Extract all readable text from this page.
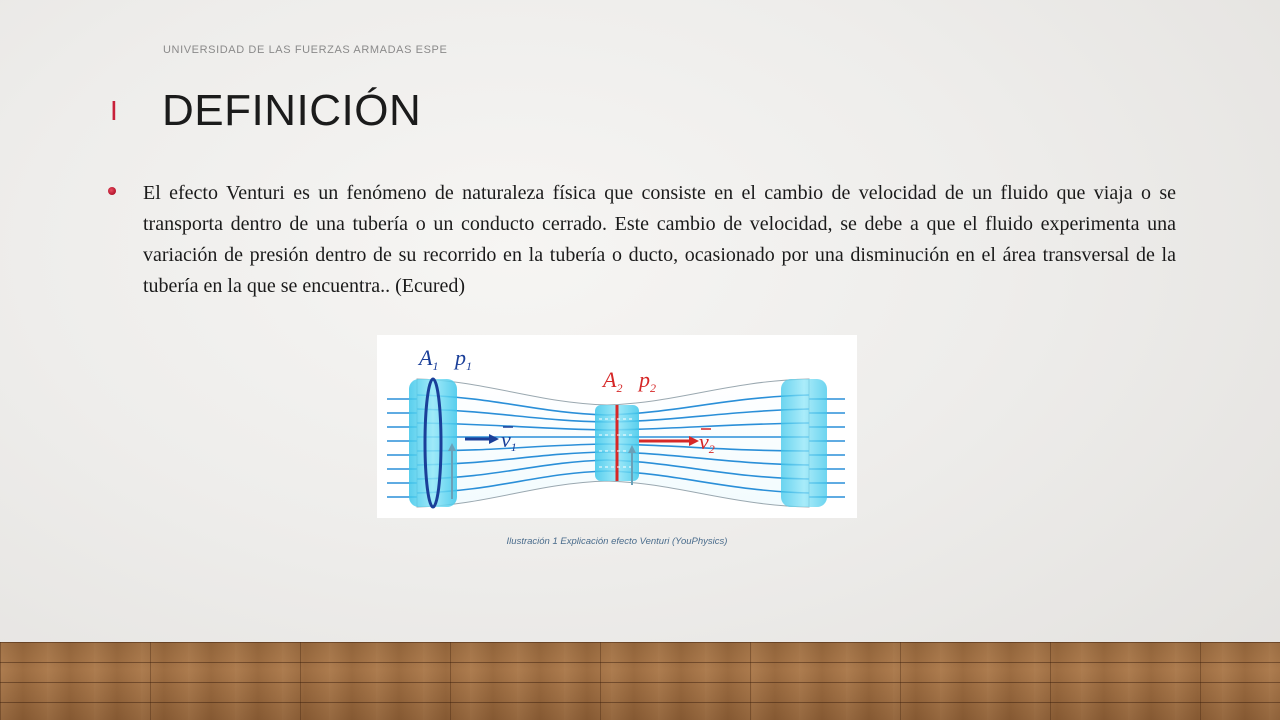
UNIVERSIDAD DE LAS FUERZAS ARMADAS ESPE
I DEFINICIÓN
El efecto Venturi es un fenómeno de naturaleza física que consiste en el cambio de velocidad de un fluido que viaja o se transporta dentro de una tubería o un conducto cerrado. Este cambio de velocidad, se debe a que el fluido experimenta una variación de presión dentro de su recorrido en la tubería o ducto, ocasionado por una disminución en el área transversal de la tubería en la que se encuentra.. (Ecured)
$A_1$ $p_1$
$A_2$ $p_2$
v1	v2
Ilustración 1 Explicación efecto Venturi (YouPhysics)
